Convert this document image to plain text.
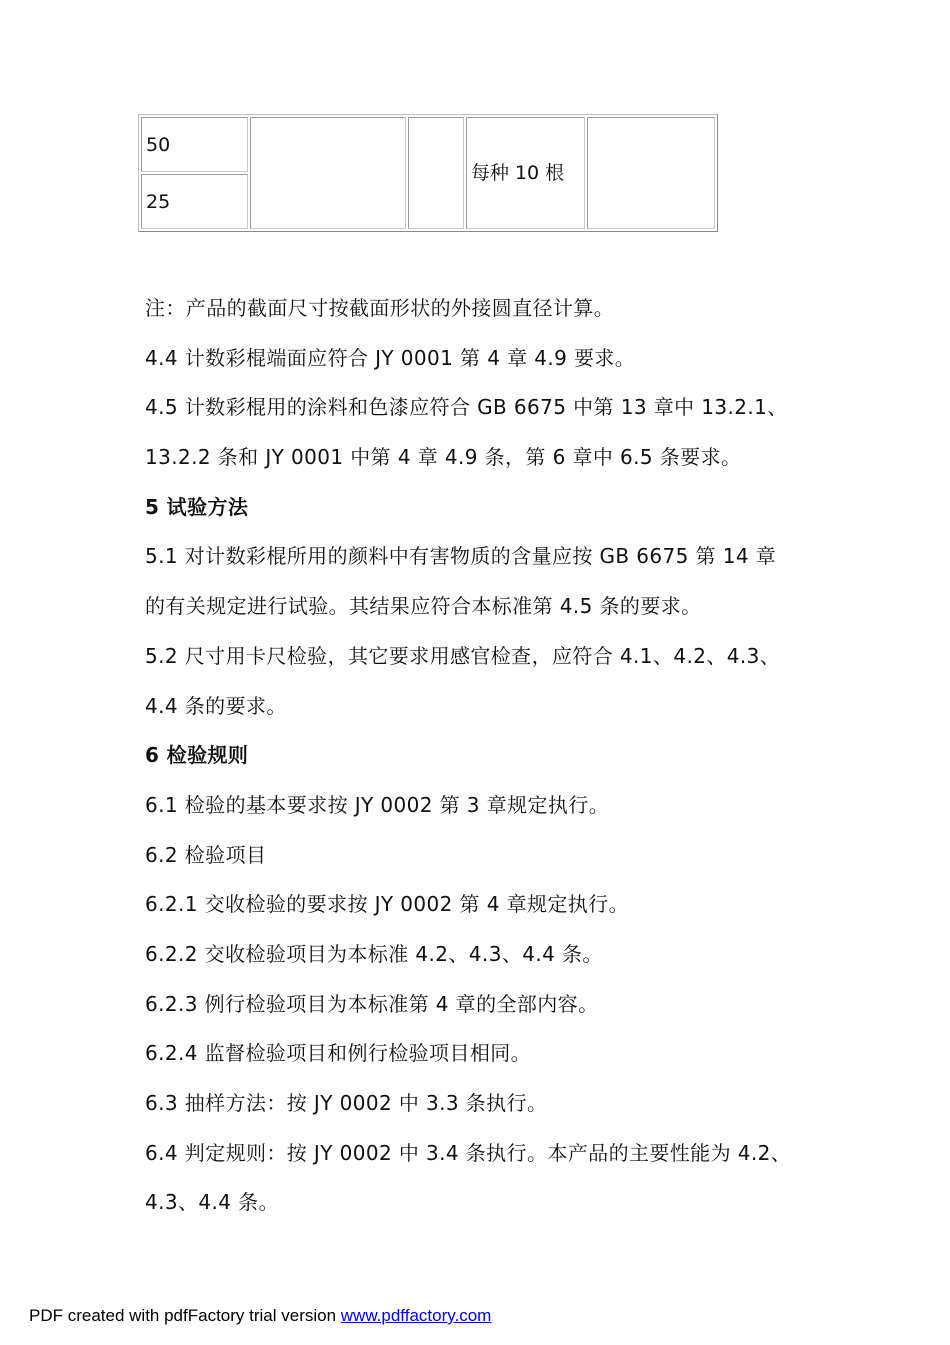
50			每种 10 根	
25
注：产品的截面尺寸按截面形状的外接圆直径计算。
4.4 计数彩棍端面应符合 JY 0001 第 4 章 4.9 要求。
4.5 计数彩棍用的涂料和色漆应符合 GB 6675 中第 13 章中 13.2.1、
13.2.2 条和 JY 0001 中第 4 章 4.9 条，第 6 章中 6.5 条要求。
5 试验方法
5.1 对计数彩棍所用的颜料中有害物质的含量应按 GB 6675 第 14 章
的有关规定进行试验。其结果应符合本标准第 4.5 条的要求。
5.2 尺寸用卡尺检验，其它要求用感官检查，应符合 4.1、4.2、4.3、
4.4 条的要求。
6 检验规则
6.1 检验的基本要求按 JY 0002 第 3 章规定执行。
6.2 检验项目
6.2.1 交收检验的要求按 JY 0002 第 4 章规定执行。
6.2.2 交收检验项目为本标准 4.2、4.3、4.4 条。
6.2.3 例行检验项目为本标准第 4 章的全部内容。
6.2.4 监督检验项目和例行检验项目相同。
6.3 抽样方法：按 JY 0002 中 3.3 条执行。
6.4 判定规则：按 JY 0002 中 3.4 条执行。本产品的主要性能为 4.2、
4.3、4.4 条。
PDF created with pdfFactory trial version www.pdffactory.com
